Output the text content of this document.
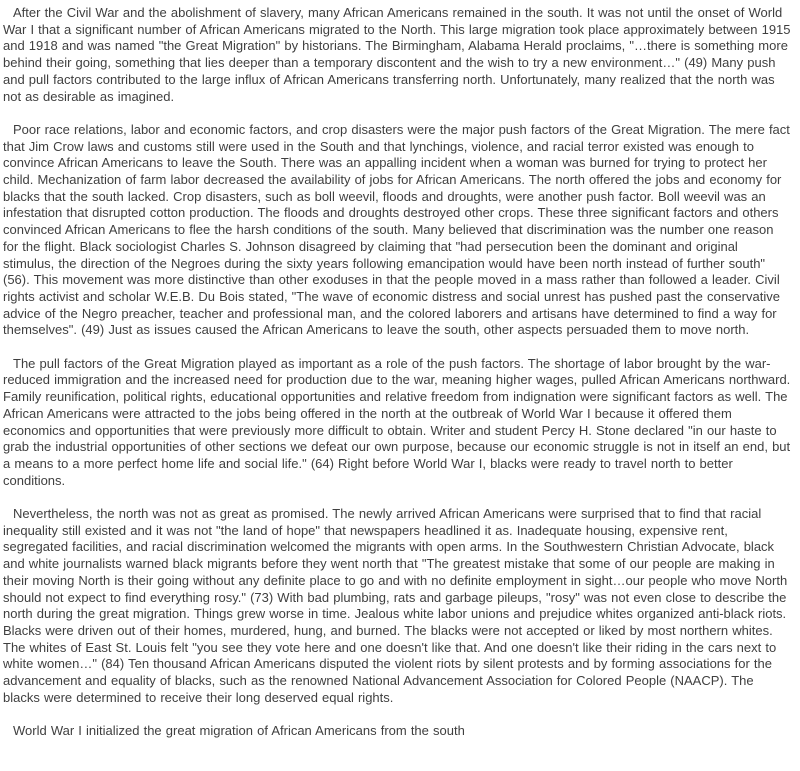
After the Civil War and the abolishment of slavery, many African Americans remained in the south. It was not until the onset of World War I that a significant number of African Americans migrated to the North. This large migration took place approximately between 1915 and 1918 and was named "the Great Migration" by historians. The Birmingham, Alabama Herald proclaims, "…there is something more behind their going, something that lies deeper than a temporary discontent and the wish to try a new environment…" (49) Many push and pull factors contributed to the large influx of African Americans transferring north. Unfortunately, many realized that the north was not as desirable as imagined.

Poor race relations, labor and economic factors, and crop disasters were the major push factors of the Great Migration. The mere fact that Jim Crow laws and customs still were used in the South and that lynchings, violence, and racial terror existed was enough to convince African Americans to leave the South. There was an appalling incident when a woman was burned for trying to protect her child. Mechanization of farm labor decreased the availability of jobs for African Americans. The north offered the jobs and economy for blacks that the south lacked. Crop disasters, such as boll weevil, floods and droughts, were another push factor. Boll weevil was an infestation that disrupted cotton production. The floods and droughts destroyed other crops. These three significant factors and others convinced African Americans to flee the harsh conditions of the south. Many believed that discrimination was the number one reason for the flight. Black sociologist Charles S. Johnson disagreed by claiming that "had persecution been the dominant and original stimulus, the direction of the Negroes during the sixty years following emancipation would have been north instead of further south" (56). This movement was more distinctive than other exoduses in that the people moved in a mass rather than followed a leader. Civil rights activist and scholar W.E.B. Du Bois stated, "The wave of economic distress and social unrest has pushed past the conservative advice of the Negro preacher, teacher and professional man, and the colored laborers and artisans have determined to find a way for themselves". (49) Just as issues caused the African Americans to leave the south, other aspects persuaded them to move north.

The pull factors of the Great Migration played as important as a role of the push factors. The shortage of labor brought by the war-reduced immigration and the increased need for production due to the war, meaning higher wages, pulled African Americans northward. Family reunification, political rights, educational opportunities and relative freedom from indignation were significant factors as well. The African Americans were attracted to the jobs being offered in the north at the outbreak of World War I because it offered them economics and opportunities that were previously more difficult to obtain. Writer and student Percy H. Stone declared "in our haste to grab the industrial opportunities of other sections we defeat our own purpose, because our economic struggle is not in itself an end, but a means to a more perfect home life and social life." (64) Right before World War I, blacks were ready to travel north to better conditions.

Nevertheless, the north was not as great as promised. The newly arrived African Americans were surprised that to find that racial inequality still existed and it was not "the land of hope" that newspapers headlined it as. Inadequate housing, expensive rent, segregated facilities, and racial discrimination welcomed the migrants with open arms. In the Southwestern Christian Advocate, black and white journalists warned black migrants before they went north that "The greatest mistake that some of our people are making in their moving North is their going without any definite place to go and with no definite employment in sight…our people who move North should not expect to find everything rosy." (73) With bad plumbing, rats and garbage pileups, "rosy" was not even close to describe the north during the great migration. Things grew worse in time. Jealous white labor unions and prejudice whites organized anti-black riots. Blacks were driven out of their homes, murdered, hung, and burned. The blacks were not accepted or liked by most northern whites. The whites of East St. Louis felt "you see they vote here and one doesn't like that. And one doesn't like their riding in the cars next to white women…" (84) Ten thousand African Americans disputed the violent riots by silent protests and by forming associations for the advancement and equality of blacks, such as the renowned National Advancement Association for Colored People (NAACP). The blacks were determined to receive their long deserved equal rights.

World War I initialized the great migration of African Americans from the south
